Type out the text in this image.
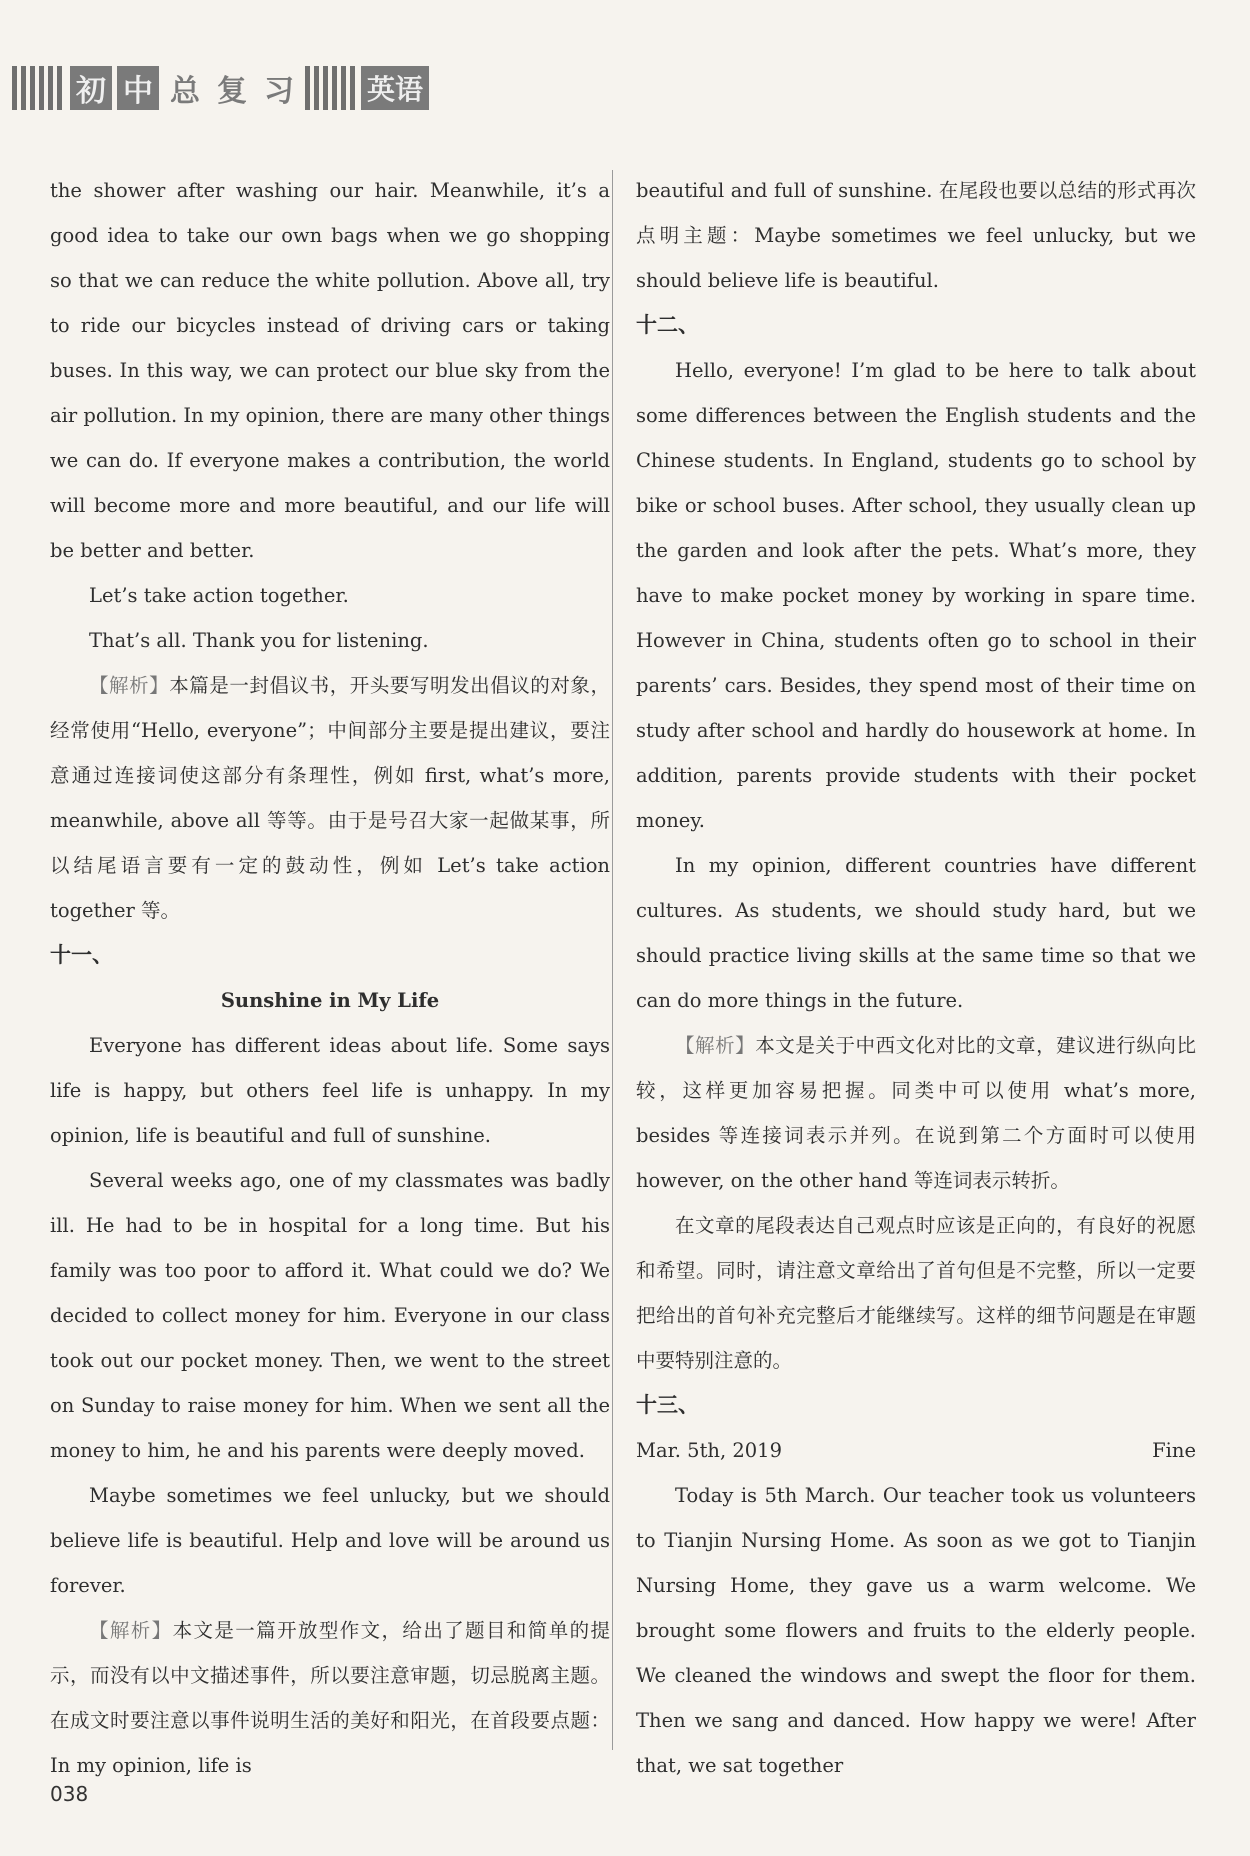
初 中 总 复 习	英语

the shower after washing our hair. Meanwhile, it’s a good idea to take our own bags when we go shopping so that we can reduce the white pollution. Above all, try to ride our bicycles instead of driving cars or taking buses. In this way, we can protect our blue sky from the air pollution. In my opinion, there are many other things we can do. If everyone makes a contribution, the world will become more and more beautiful, and our life will be better and better.

Let’s take action together.

That’s all. Thank you for listening.

【解析】本篇是一封倡议书，开头要写明发出倡议的对象，经常使用“Hello, everyone”；中间部分主要是提出建议，要注意通过连接词使这部分有条理性，例如 first, what’s more, meanwhile, above all 等等。由于是号召大家一起做某事，所以结尾语言要有一定的鼓动性，例如 Let’s take action together 等。

十一、

Sunshine in My Life

Everyone has different ideas about life. Some says life is happy, but others feel life is unhappy. In my opinion, life is beautiful and full of sunshine.

Several weeks ago, one of my classmates was badly ill. He had to be in hospital for a long time. But his family was too poor to afford it. What could we do? We decided to collect money for him. Everyone in our class took out our pocket money. Then, we went to the street on Sunday to raise money for him. When we sent all the money to him, he and his parents were deeply moved.

Maybe sometimes we feel unlucky, but we should believe life is beautiful. Help and love will be around us forever.

【解析】本文是一篇开放型作文，给出了题目和简单的提示，而没有以中文描述事件，所以要注意审题，切忌脱离主题。在成文时要注意以事件说明生活的美好和阳光，在首段要点题：In my opinion, life is

beautiful and full of sunshine. 在尾段也要以总结的形式再次点明主题：Maybe sometimes we feel unlucky, but we should believe life is beautiful.

十二、

Hello, everyone! I’m glad to be here to talk about some differences between the English students and the Chinese students. In England, students go to school by bike or school buses. After school, they usually clean up the garden and look after the pets. What’s more, they have to make pocket money by working in spare time. However in China, students often go to school in their parents’ cars. Besides, they spend most of their time on study after school and hardly do housework at home. In addition, parents provide students with their pocket money.

In my opinion, different countries have different cultures. As students, we should study hard, but we should practice living skills at the same time so that we can do more things in the future.

【解析】本文是关于中西文化对比的文章，建议进行纵向比较，这样更加容易把握。同类中可以使用 what’s more, besides 等连接词表示并列。在说到第二个方面时可以使用 however, on the other hand 等连词表示转折。

在文章的尾段表达自己观点时应该是正向的，有良好的祝愿和希望。同时，请注意文章给出了首句但是不完整，所以一定要把给出的首句补充完整后才能继续写。这样的细节问题是在审题中要特别注意的。

十三、

Mar. 5th, 2019	Fine

Today is 5th March. Our teacher took us volunteers to Tianjin Nursing Home. As soon as we got to Tianjin Nursing Home, they gave us a warm welcome. We brought some flowers and fruits to the elderly people. We cleaned the windows and swept the floor for them. Then we sang and danced. How happy we were! After that, we sat together

038
